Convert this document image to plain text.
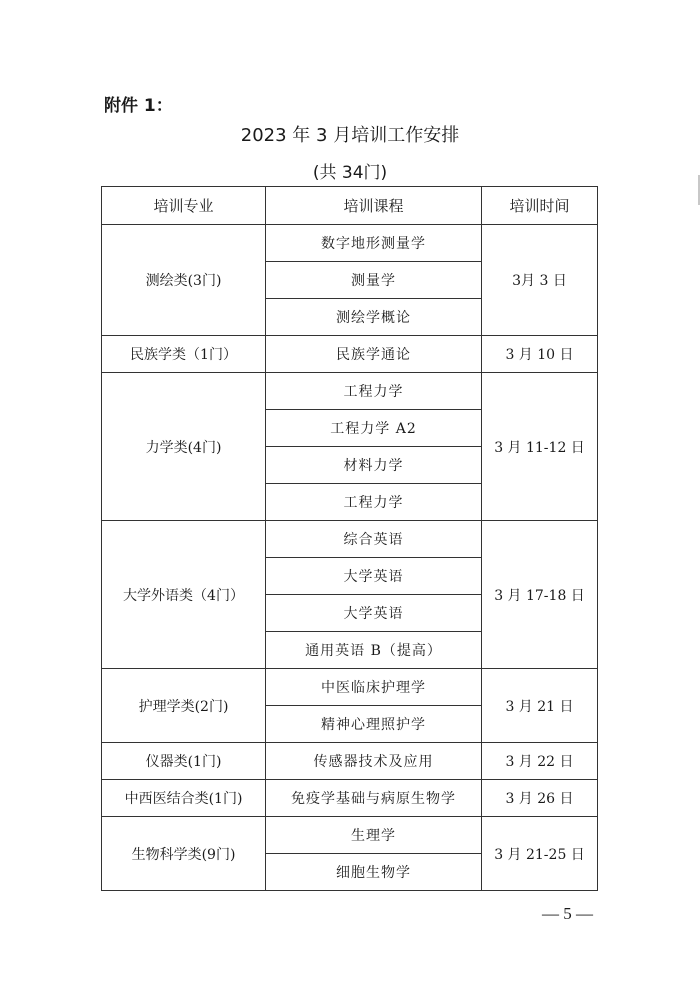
附件 1：
2023 年 3 月培训工作安排
(共 34门)
培训专业	培训课程	培训时间
测绘类(3门)	数字地形测量学	3月 3 日
	测量学	
	测绘学概论	
民族学类（1门）	民族学通论	3 月 10 日
力学类(4门)	工程力学	3 月 11-12 日
	工程力学 A2	
	材料力学	
	工程力学	
大学外语类（4门）	综合英语	3 月 17-18 日
	大学英语	
	大学英语	
	通用英语 B（提高）	
护理学类(2门)	中医临床护理学	3 月 21 日
	精神心理照护学	
仪器类(1门)	传感器技术及应用	3 月 22 日
中西医结合类(1门)	免疫学基础与病原生物学	3 月 26 日
生物科学类(9门)	生理学	3 月 21-25 日
	细胞生物学	
— 5 —
